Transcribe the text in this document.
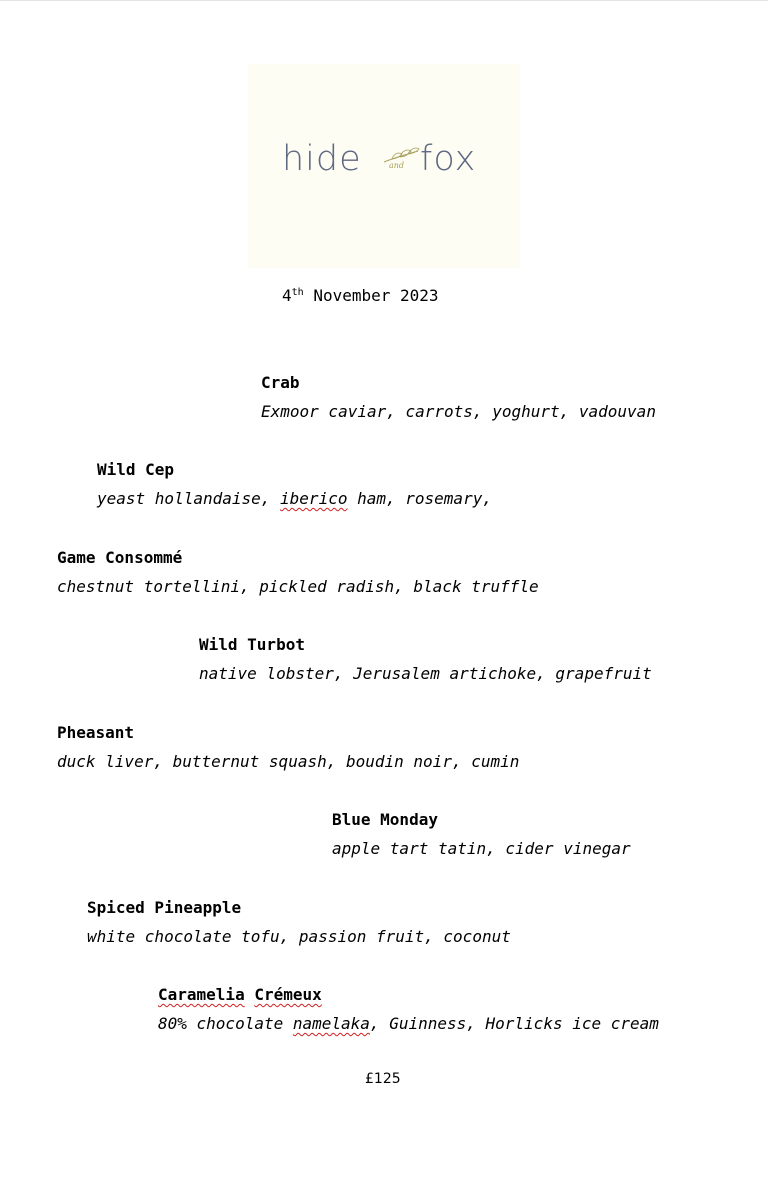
hide	and fox
4th November 2023
Crab
Exmoor caviar, carrots, yoghurt, vadouvan
Wild Cep
yeast hollandaise, iberico ham, rosemary,
Game Consommé
chestnut tortellini, pickled radish, black truffle
Wild Turbot
native lobster, Jerusalem artichoke, grapefruit
Pheasant
duck liver, butternut squash, boudin noir, cumin
Blue Monday
apple tart tatin, cider vinegar
Spiced Pineapple
white chocolate tofu, passion fruit, coconut
Caramelia Crémeux
80% chocolate namelaka, Guinness, Horlicks ice cream
£125
